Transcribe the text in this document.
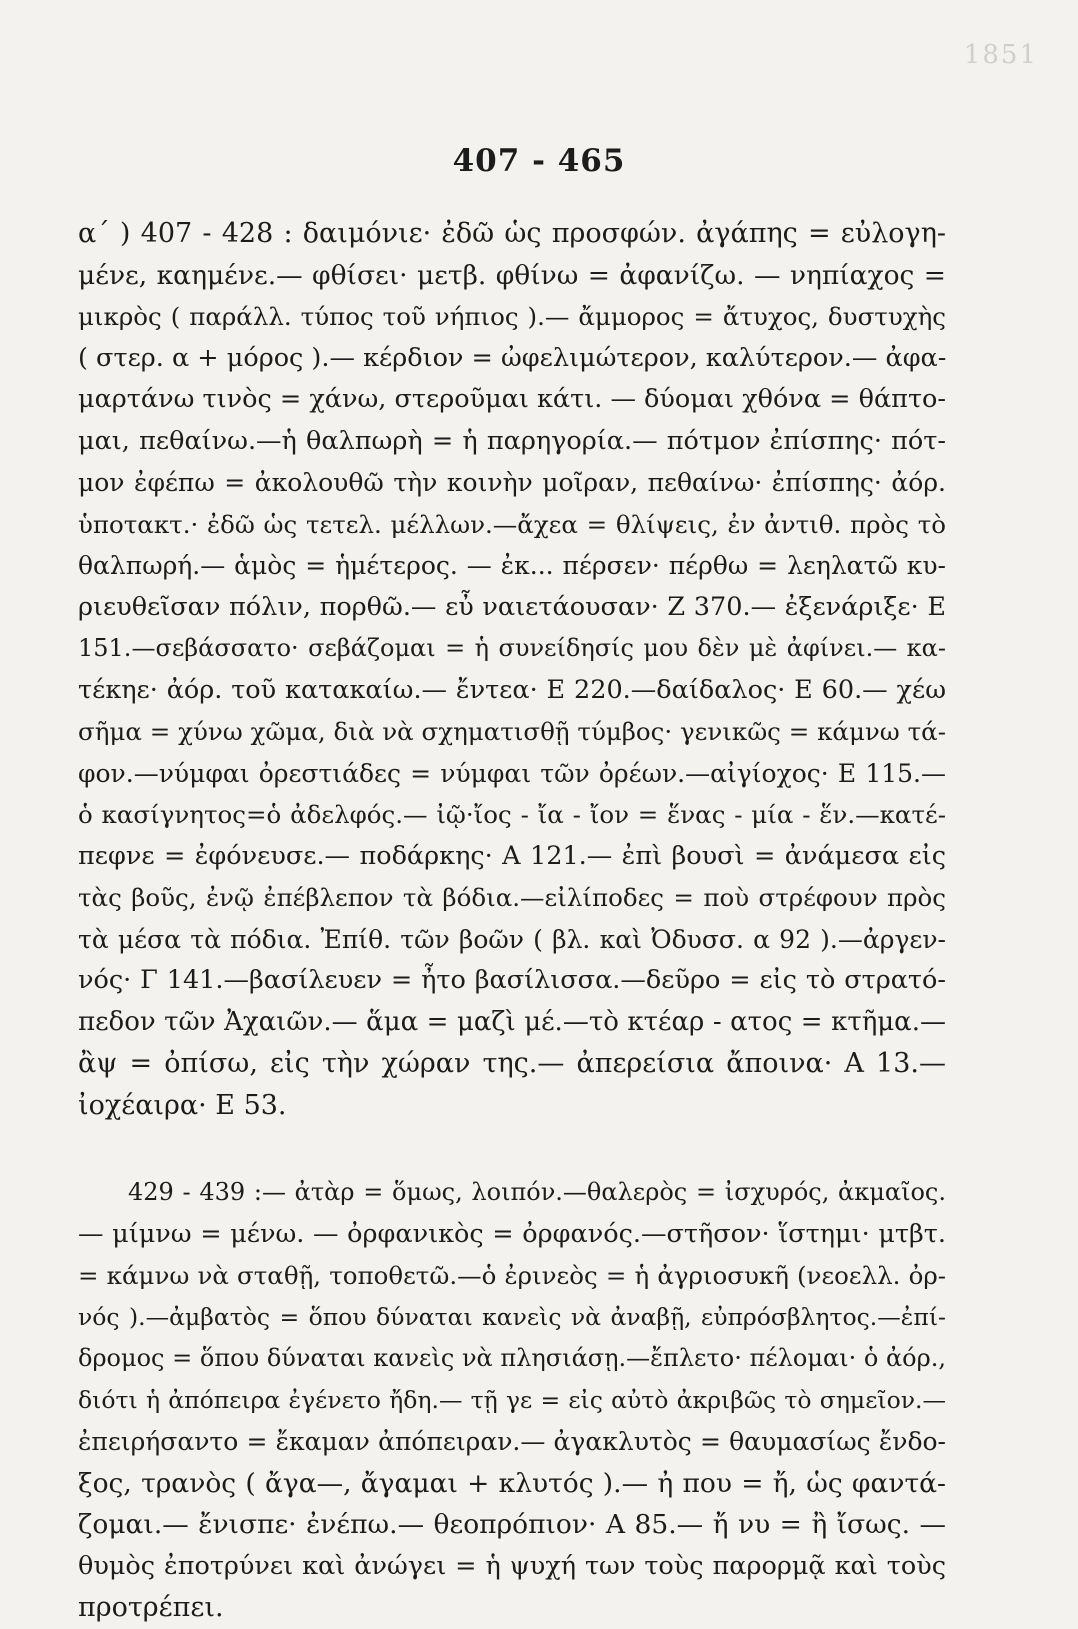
1851
407 - 465
α΄ ) 407 - 428 : δαιμόνιε· ἐδῶ ὡς προσφών. ἀγάπης = εὐλογη-
μένε, καημένε.— φθίσει· μετβ. φθίνω = ἀφανίζω. — νηπίαχος =
μικρὸς ( παράλλ. τύπος τοῦ νήπιος ).— ἄμμορος = ἄτυχος, δυστυχὴς
( στερ. α + μόρος ).— κέρδιον = ὠφελιμώτερον, καλύτερον.— ἀφα-
μαρτάνω τινὸς = χάνω, στεροῦμαι κάτι. — δύομαι χθόνα = θάπτο-
μαι, πεθαίνω.—ἡ θαλπωρὴ = ἡ παρηγορία.— πότμον ἐπίσπης· πότ-
μον ἐφέπω = ἀκολουθῶ τὴν κοινὴν μοῖραν, πεθαίνω· ἐπίσπης· ἀόρ.
ὑποτακτ.· ἐδῶ ὡς τετελ. μέλλων.—ἄχεα = θλίψεις, ἐν ἀντιθ. πρὸς τὸ
θαλπωρή.— ἁμὸς = ἡμέτερος. — ἐκ... πέρσεν· πέρθω = λεηλατῶ κυ-
ριευθεῖσαν πόλιν, πορθῶ.— εὖ ναιετάουσαν· Ζ 370.— ἐξενάριξε· Ε
151.—σεβάσσατο· σεβάζομαι = ἡ συνείδησίς μου δὲν μὲ ἀφίνει.— κα-
τέκηε· ἀόρ. τοῦ κατακαίω.— ἔντεα· Ε 220.—δαίδαλος· Ε 60.— χέω
σῆμα = χύνω χῶμα, διὰ νὰ σχηματισθῇ τύμβος· γενικῶς = κάμνω τά-
φον.—νύμφαι ὀρεστιάδες = νύμφαι τῶν ὀρέων.—αἰγίοχος· Ε 115.—
ὁ κασίγνητος=ὁ ἀδελφός.— ἰῷ·ἴος - ἴα - ἴον = ἕνας - μία - ἕν.—κατέ-
πεφνε = ἐφόνευσε.— ποδάρκης· Α 121.— ἐπὶ βουσὶ = ἀνάμεσα εἰς
τὰς βοῦς, ἐνῷ ἐπέβλεπον τὰ βόδια.—εἰλίποδες = ποὺ στρέφουν πρὸς
τὰ μέσα τὰ πόδια. Ἐπίθ. τῶν βοῶν ( βλ. καὶ Ὀδυσσ. α 92 ).—ἀργεν-
νός· Γ 141.—βασίλευεν = ἦτο βασίλισσα.—δεῦρο = εἰς τὸ στρατό-
πεδον τῶν Ἀχαιῶν.— ἅμα = μαζὶ μέ.—τὸ κτέαρ - ατος = κτῆμα.—
ἂψ = ὀπίσω, εἰς τὴν χώραν της.— ἀπερείσια ἄποινα· Α 13.—
ἰοχέαιρα· Ε 53.
429 - 439 :— ἀτὰρ = ὅμως, λοιπόν.—θαλερὸς = ἰσχυρός, ἀκμαῖος.
— μίμνω = μένω. — ὀρφανικὸς = ὀρφανός.—στῆσον· ἵστημι· μτβτ.
= κάμνω νὰ σταθῇ, τοποθετῶ.—ὁ ἐρινεὸς = ἡ ἀγριοσυκῆ (νεοελλ. ὀρ-
νός ).—ἀμβατὸς = ὅπου δύναται κανεὶς νὰ ἀναβῇ, εὐπρόσβλητος.—ἐπί-
δρομος = ὅπου δύναται κανεὶς νὰ πλησιάσῃ.—ἔπλετο· πέλομαι· ὁ ἀόρ.,
διότι ἡ ἀπόπειρα ἐγένετο ἤδη.— τῇ γε = εἰς αὐτὸ ἀκριβῶς τὸ σημεῖον.—
ἐπειρήσαντο = ἔκαμαν ἀπόπειραν.— ἀγακλυτὸς = θαυμασίως ἔνδο-
ξος, τρανὸς ( ἄγα—, ἄγαμαι + κλυτός ).— ἠ που = ἤ, ὡς φαντά-
ζομαι.— ἔνισπε· ἐνέπω.— θεοπρόπιον· Α 85.— ἤ νυ = ἢ ἴσως. —
θυμὸς ἐποτρύνει καὶ ἀνώγει = ἡ ψυχή των τοὺς παρορμᾷ καὶ τοὺς
προτρέπει.
